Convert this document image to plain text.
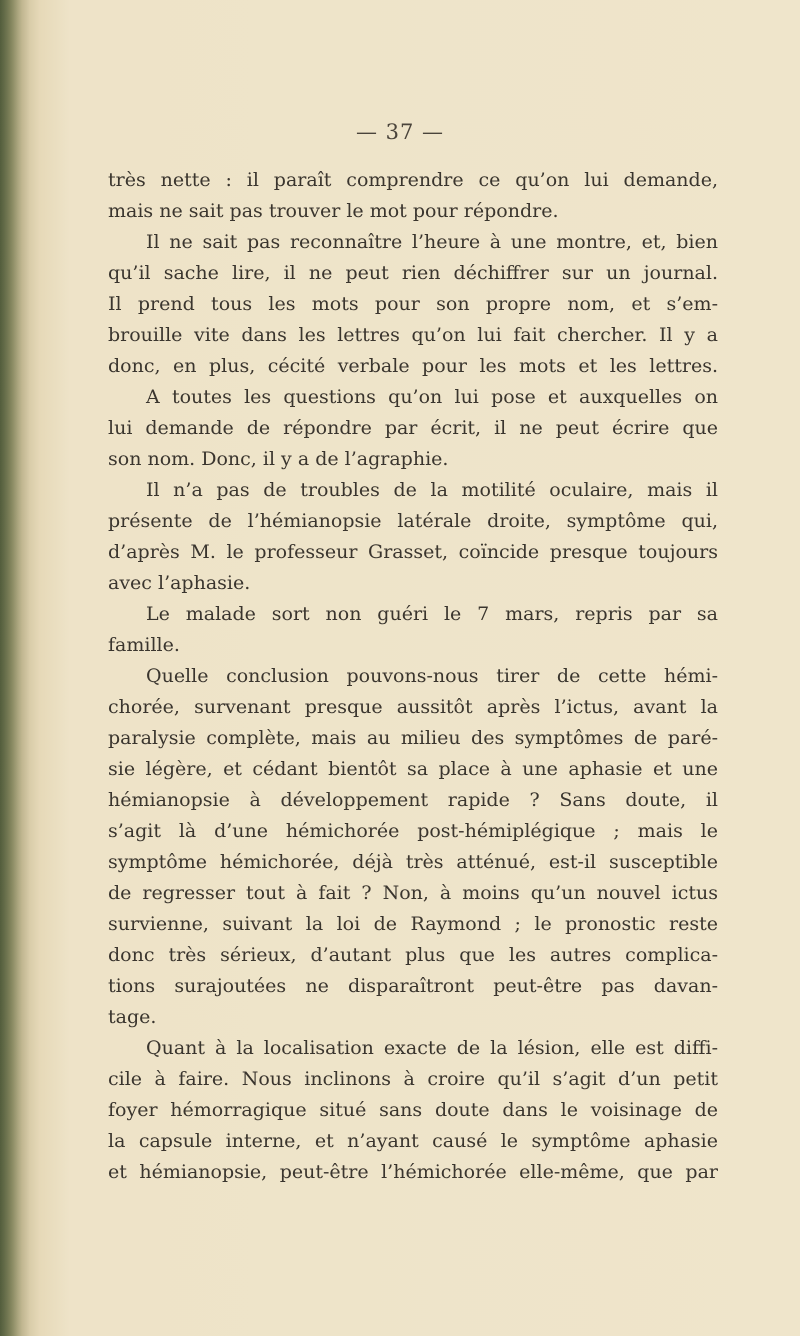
— 37 —
très nette : il paraît comprendre ce qu’on lui demande,
mais ne sait pas trouver le mot pour répondre.
Il ne sait pas reconnaître l’heure à une montre, et, bien
qu’il sache lire, il ne peut rien déchiffrer sur un journal.
Il prend tous les mots pour son propre nom, et s’em-
brouille vite dans les lettres qu’on lui fait chercher. Il y a
donc, en plus, cécité verbale pour les mots et les lettres.
A toutes les questions qu’on lui pose et auxquelles on
lui demande de répondre par écrit, il ne peut écrire que
son nom. Donc, il y a de l’agraphie.
Il n’a pas de troubles de la motilité oculaire, mais il
présente de l’hémianopsie latérale droite, symptôme qui,
d’après M. le professeur Grasset, coïncide presque toujours
avec l’aphasie.
Le malade sort non guéri le 7 mars, repris par sa
famille.
Quelle conclusion pouvons-nous tirer de cette hémi-
chorée, survenant presque aussitôt après l’ictus, avant la
paralysie complète, mais au milieu des symptômes de paré-
sie légère, et cédant bientôt sa place à une aphasie et une
hémianopsie à développement rapide ? Sans doute, il
s’agit là d’une hémichorée post-hémiplégique ; mais le
symptôme hémichorée, déjà très atténué, est-il susceptible
de regresser tout à fait ? Non, à moins qu’un nouvel ictus
survienne, suivant la loi de Raymond ; le pronostic reste
donc très sérieux, d’autant plus que les autres complica-
tions surajoutées ne disparaîtront peut-être pas davan-
tage.
Quant à la localisation exacte de la lésion, elle est diffi-
cile à faire. Nous inclinons à croire qu’il s’agit d’un petit
foyer hémorragique situé sans doute dans le voisinage de
la capsule interne, et n’ayant causé le symptôme aphasie
et hémianopsie, peut-être l’hémichorée elle-même, que par
